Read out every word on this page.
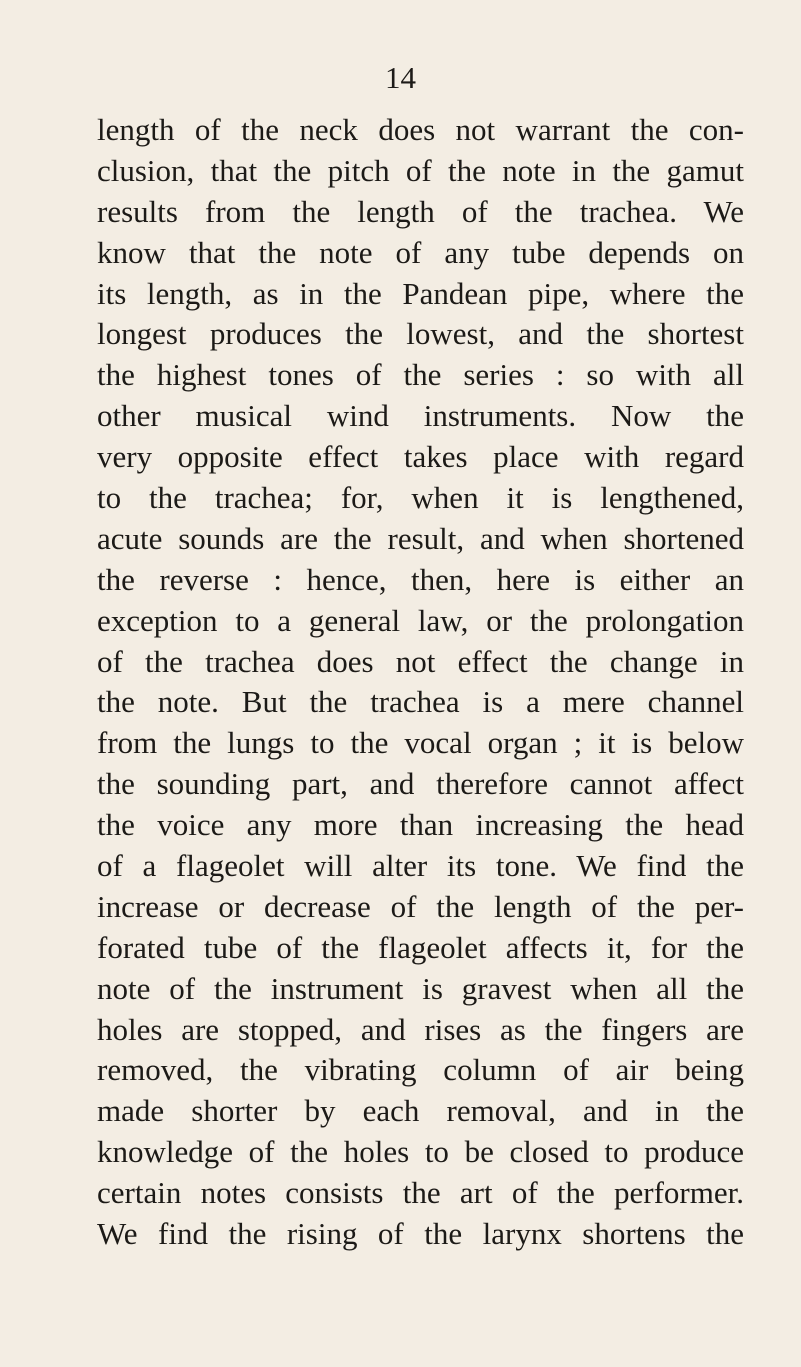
14
length of the neck does not warrant the con-
clusion, that the pitch of the note in the gamut
results from the length of the trachea. We
know that the note of any tube depends on
its length, as in the Pandean pipe, where the
longest produces the lowest, and the shortest
the highest tones of the series : so with all
other musical wind instruments. Now the
very opposite effect takes place with regard
to the trachea; for, when it is lengthened,
acute sounds are the result, and when shortened
the reverse : hence, then, here is either an
exception to a general law, or the prolongation
of the trachea does not effect the change in
the note. But the trachea is a mere channel
from the lungs to the vocal organ ; it is below
the sounding part, and therefore cannot affect
the voice any more than increasing the head
of a flageolet will alter its tone. We find the
increase or decrease of the length of the per-
forated tube of the flageolet affects it, for the
note of the instrument is gravest when all the
holes are stopped, and rises as the fingers are
removed, the vibrating column of air being
made shorter by each removal, and in the
knowledge of the holes to be closed to produce
certain notes consists the art of the performer.
We find the rising of the larynx shortens the
